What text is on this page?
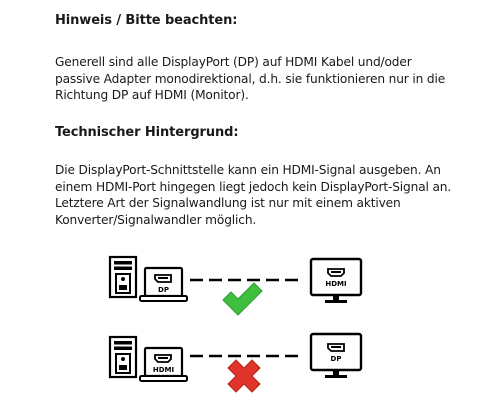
Hinweis / Bitte beachten:

Generell sind alle DisplayPort (DP) auf HDMI Kabel und/oder
passive Adapter monodirektional, d.h. sie funktionieren nur in die
Richtung DP auf HDMI (Monitor).

Technischer Hintergrund:

Die DisplayPort-Schnittstelle kann ein HDMI-Signal ausgeben. An
einem HDMI-Port hingegen liegt jedoch kein DisplayPort-Signal an.
Letztere Art der Signalwandlung ist nur mit einem aktiven
Konverter/Signalwandler möglich.

DP
HDMI
HDMI
DP
